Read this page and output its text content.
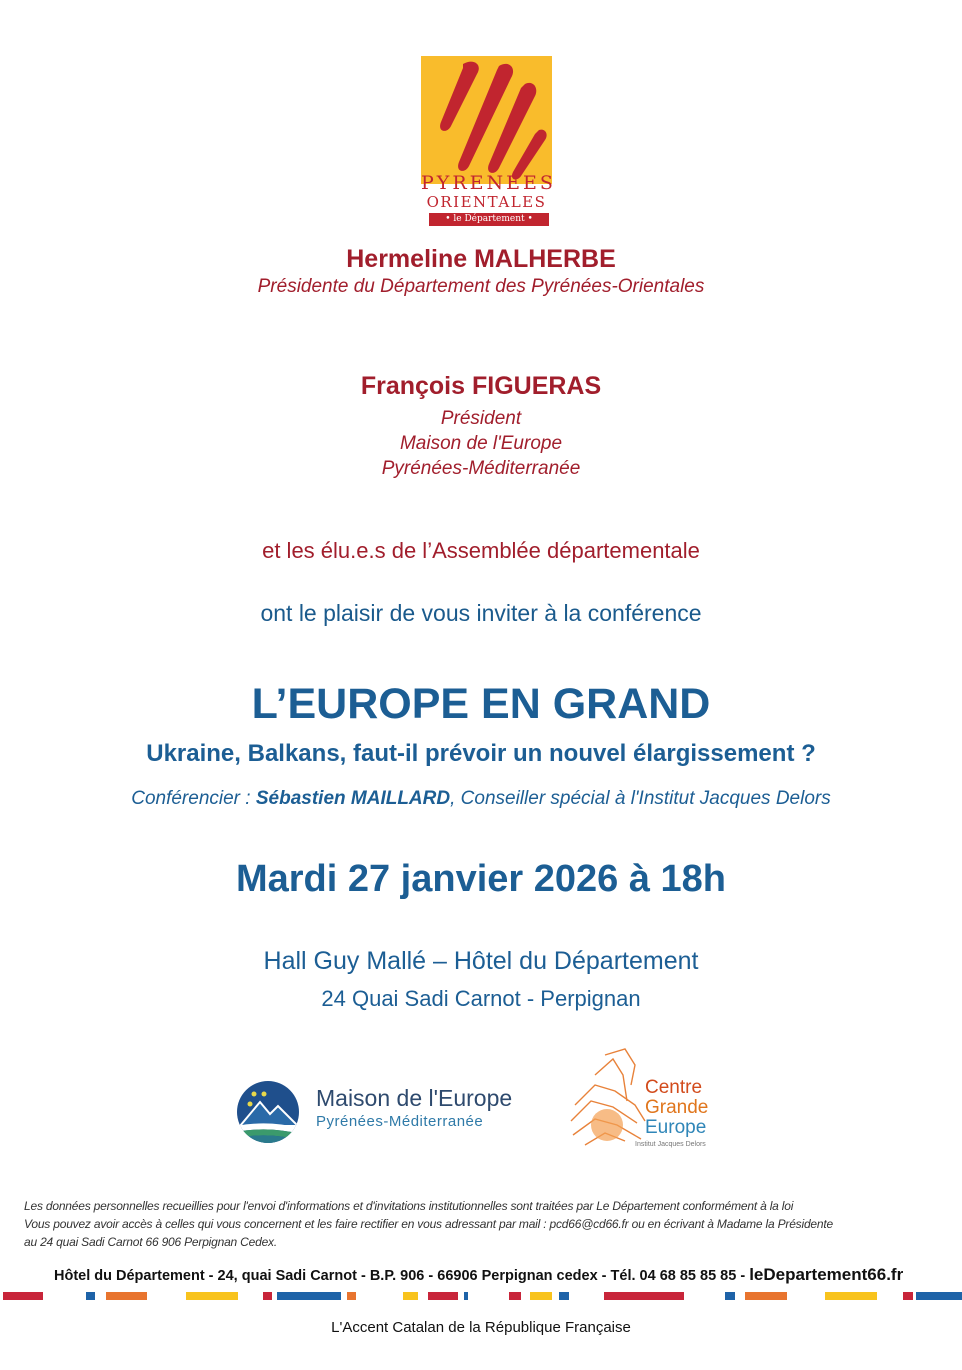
PYRENEES
ORIENTALES
• le Département •
Hermeline MALHERBE
Présidente du Département des Pyrénées-Orientales
François FIGUERAS
Président
Maison de l'Europe
Pyrénées-Méditerranée
et les élu.e.s de l’Assemblée départementale
ont le plaisir de vous inviter à la conférence
L’EUROPE EN GRAND
Ukraine, Balkans, faut-il prévoir un nouvel élargissement ?
Conférencier : Sébastien MAILLARD, Conseiller spécial à l'Institut Jacques Delors
Mardi 27 janvier 2026 à 18h
Hall Guy Mallé – Hôtel du Département
24 Quai Sadi Carnot - Perpignan
Maison de l'Europe
Pyrénées-Méditerranée
Centre
Grande
Europe
Institut Jacques Delors
Les données personnelles recueillies pour l'envoi d'informations et d'invitations institutionnelles sont traitées par Le Département conformément à la loi
Vous pouvez avoir accès à celles qui vous concernent et les faire rectifier en vous adressant par mail : pcd66@cd66.fr ou en écrivant à Madame la Présidente
au 24 quai Sadi Carnot 66 906 Perpignan Cedex.
Hôtel du Département - 24, quai Sadi Carnot - B.P. 906 - 66906 Perpignan cedex - Tél. 04 68 85 85 85 - leDepartement66.fr
L'Accent Catalan de la République Française
